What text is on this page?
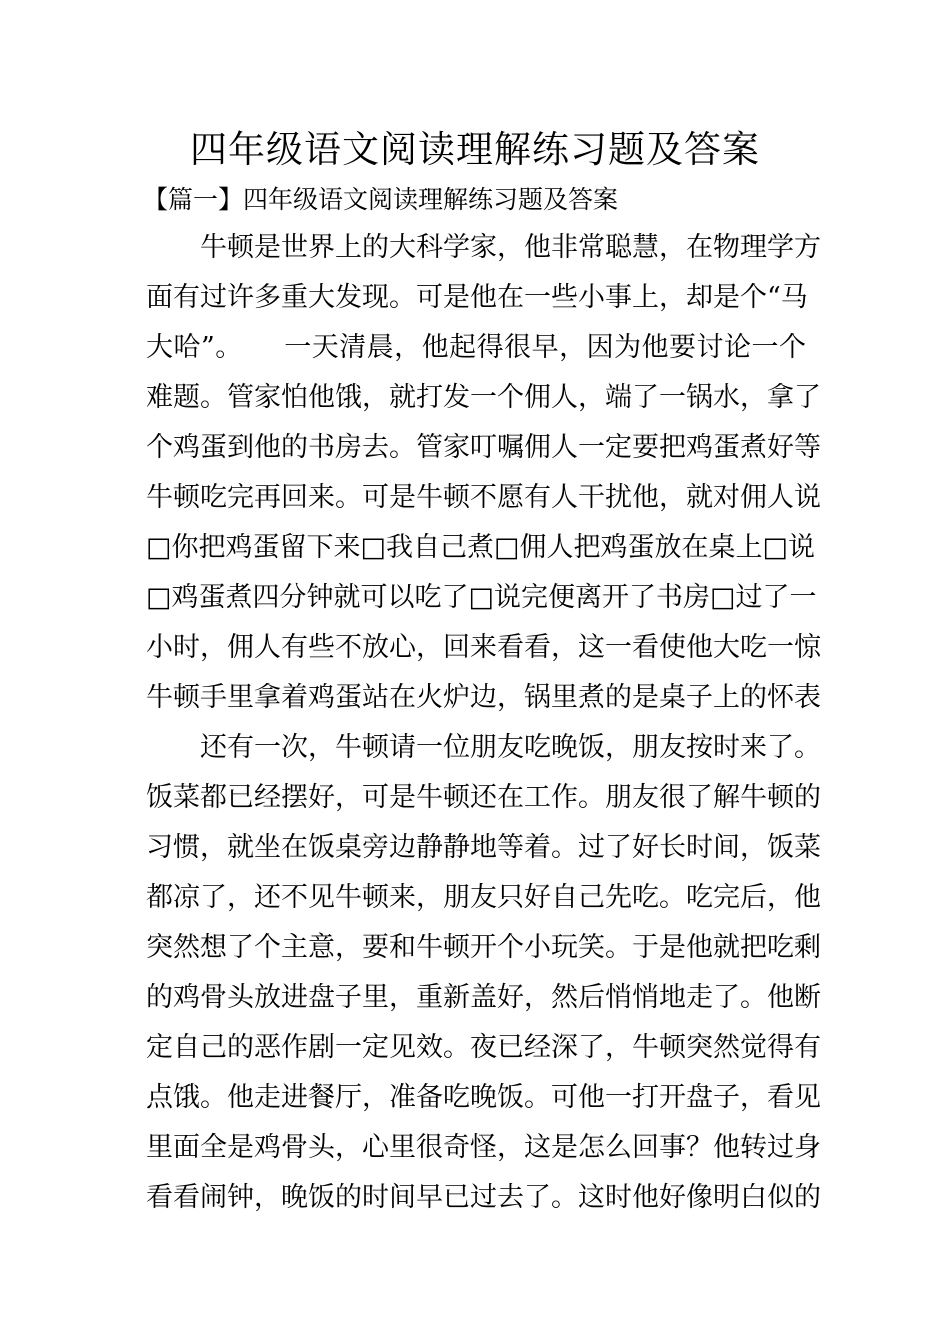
四年级语文阅读理解练习题及答案
【篇一】四年级语文阅读理解练习题及答案
牛顿是世界上的大科学家，他非常聪慧，在物理学方
面有过许多重大发现。可是他在一些小事上，却是个“马
大哈”。　　一天清晨，他起得很早，因为他要讨论一个
难题。管家怕他饿，就打发一个佣人，端了一锅水，拿了
个鸡蛋到他的书房去。管家叮嘱佣人一定要把鸡蛋煮好等
牛顿吃完再回来。可是牛顿不愿有人干扰他，就对佣人说
□你把鸡蛋留下来□我自己煮□佣人把鸡蛋放在桌上□说
□鸡蛋煮四分钟就可以吃了□说完便离开了书房□过了一
小时，佣人有些不放心，回来看看，这一看使他大吃一惊
牛顿手里拿着鸡蛋站在火炉边，锅里煮的是桌子上的怀表
还有一次，牛顿请一位朋友吃晚饭，朋友按时来了。
饭菜都已经摆好，可是牛顿还在工作。朋友很了解牛顿的
习惯，就坐在饭桌旁边静静地等着。过了好长时间，饭菜
都凉了，还不见牛顿来，朋友只好自己先吃。吃完后，他
突然想了个主意，要和牛顿开个小玩笑。于是他就把吃剩
的鸡骨头放进盘子里，重新盖好，然后悄悄地走了。他断
定自己的恶作剧一定见效。夜已经深了，牛顿突然觉得有
点饿。他走进餐厅，准备吃晚饭。可他一打开盘子，看见
里面全是鸡骨头，心里很奇怪，这是怎么回事？他转过身
看看闹钟，晚饭的时间早已过去了。这时他好像明白似的
